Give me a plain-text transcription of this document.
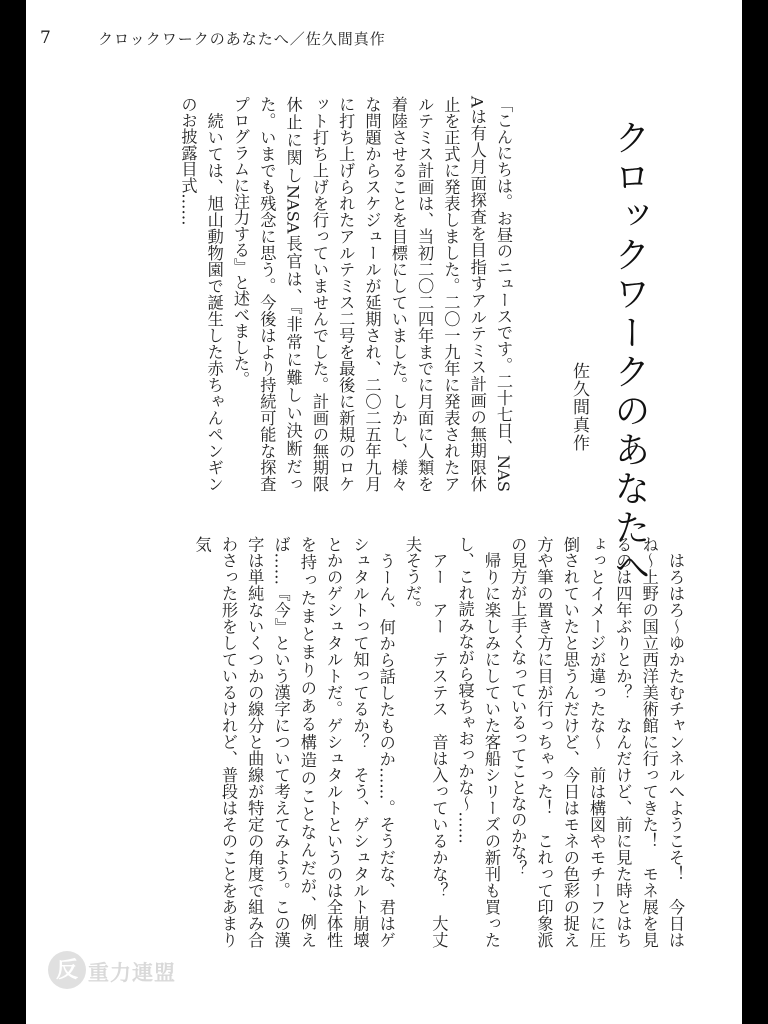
7	クロックワークのあなたへ／佐久間真作
クロックワークのあなたへ
佐久間真作

「こんにちは。お昼のニュースです。二十七日、NASAは有人月面探査を目指すアルテミス計画の無期限休止を正式に発表しました。二〇一九年に発表されたアルテミス計画は、当初二〇二四年までに月面に人類を着陸させることを目標にしていました。しかし、様々な問題からスケジュールが延期され、二〇二五年九月に打ち上げられたアルテミス二号を最後に新規のロケット打ち上げを行っていませんでした。計画の無期限休止に関しNASA長官は、『非常に難しい決断だった。いまでも残念に思う。今後はより持続可能な探査プログラムに注力する』と述べました。

　続いては、旭山動物園で誕生した赤ちゃんペンギンのお披露目式……

　はろはろ～ゆかたむチャンネルへようこそ！　今日はね～上野の国立西洋美術館に行ってきた！　モネ展を見るのは四年ぶりとか？　なんだけど、前に見た時とはちょっとイメージが違ったな～　前は構図やモチーフに圧倒されていたと思うんだけど、今日はモネの色彩の捉え方や筆の置き方に目が行っちゃった！　これって印象派の見方が上手くなっているってことなのかな？

　帰りに楽しみにしていた客船シリーズの新刊も買ったし、これ読みながら寝ちゃおっかな～……

　アー　アー　テステス　音は入っているかな？　大丈夫そうだ。

　うーん、何から話したものか……。そうだな、君はゲシュタルトって知ってるか？　そう、ゲシュタルト崩壊とかのゲシュタルトだ。ゲシュタルトというのは全体性を持ったまとまりのある構造のことなんだが、例えば……『今』という漢字について考えてみよう。この漢字は単純ないくつかの線分と曲線が特定の角度で組み合わさった形をしているけれど、普段はそのことをあまり気

反 重力連盟
